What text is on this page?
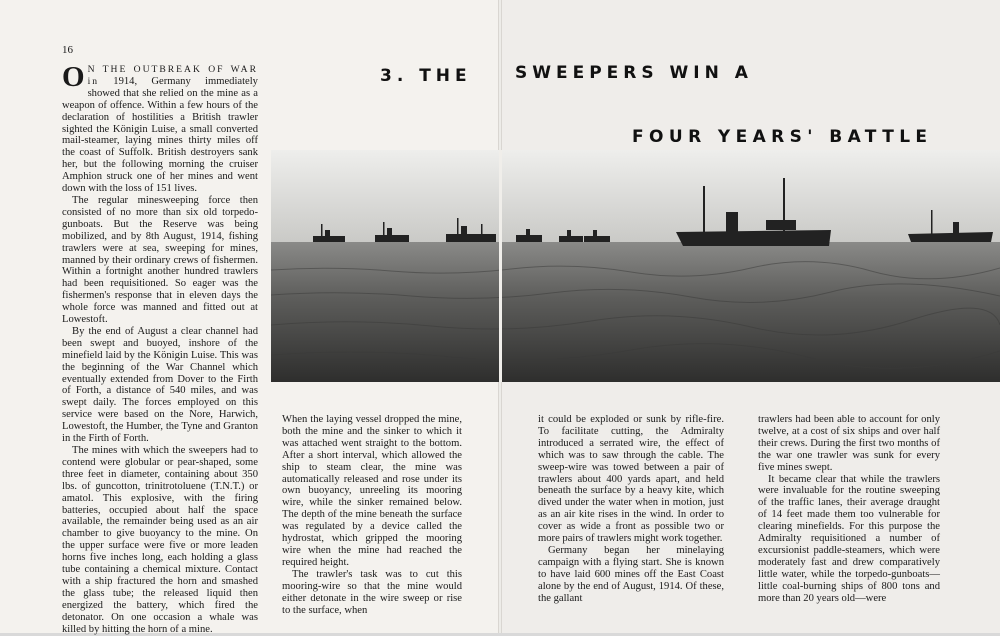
16
3. THE	SWEEPERS WIN A
FOUR YEARS' BATTLE

O N THE OUTBREAK OF WAR in 1914, Germany immediately showed that she relied on the mine as a weapon of offence. Within a few hours of the declaration of hostilities a British trawler sighted the Königin Luise, a small converted mail-steamer, laying mines thirty miles off the coast of Suffolk. British destroyers sank her, but the following morning the cruiser Amphion struck one of her mines and went down with the loss of 151 lives.

The regular minesweeping force then consisted of no more than six old torpedo-gunboats. But the Reserve was being mobilized, and by 8th August, 1914, fishing trawlers were at sea, sweeping for mines, manned by their ordinary crews of fishermen. Within a fortnight another hundred trawlers had been requisitioned. So eager was the fishermen's response that in eleven days the whole force was manned and fitted out at Lowestoft.

By the end of August a clear channel had been swept and buoyed, inshore of the minefield laid by the Königin Luise. This was the beginning of the War Channel which eventually extended from Dover to the Firth of Forth, a distance of 540 miles, and was swept daily. The forces employed on this service were based on the Nore, Harwich, Lowestoft, the Humber, the Tyne and Granton in the Firth of Forth.

The mines with which the sweepers had to contend were globular or pear-shaped, some three feet in diameter, containing about 350 lbs. of guncotton, trinitrotoluene (T.N.T.) or amatol. This explosive, with the firing batteries, occupied about half the space available, the remainder being used as an air chamber to give buoyancy to the mine. On the upper surface were five or more leaden horns five inches long, each holding a glass tube containing a chemical mixture. Contact with a ship fractured the horn and smashed the glass tube; the released liquid then energized the battery, which fired the detonator. On one occasion a whale was killed by hitting the horn of a mine.

When the laying vessel dropped the mine, both the mine and the sinker to which it was attached went straight to the bottom. After a short interval, which allowed the ship to steam clear, the mine was automatically released and rose under its own buoyancy, unreeling its mooring wire, while the sinker remained below. The depth of the mine beneath the surface was regulated by a device called the hydrostat, which gripped the mooring wire when the mine had reached the required height.

The trawler's task was to cut this mooring-wire so that the mine would either detonate in the wire sweep or rise to the surface, when

it could be exploded or sunk by rifle-fire. To facilitate cutting, the Admiralty introduced a serrated wire, the effect of which was to saw through the cable. The sweep-wire was towed between a pair of trawlers about 400 yards apart, and held beneath the surface by a heavy kite, which dived under the water when in motion, just as an air kite rises in the wind. In order to cover as wide a front as possible two or more pairs of trawlers might work together.

Germany began her minelaying campaign with a flying start. She is known to have laid 600 mines off the East Coast alone by the end of August, 1914. Of these, the gallant

trawlers had been able to account for only twelve, at a cost of six ships and over half their crews. During the first two months of the war one trawler was sunk for every five mines swept.

It became clear that while the trawlers were invaluable for the routine sweeping of the traffic lanes, their average draught of 14 feet made them too vulnerable for clearing minefields. For this purpose the Admiralty requisitioned a number of excursionist paddle-steamers, which were moderately fast and drew comparatively little water, while the torpedo-gunboats—little coal-burning ships of 800 tons and more than 20 years old—were
